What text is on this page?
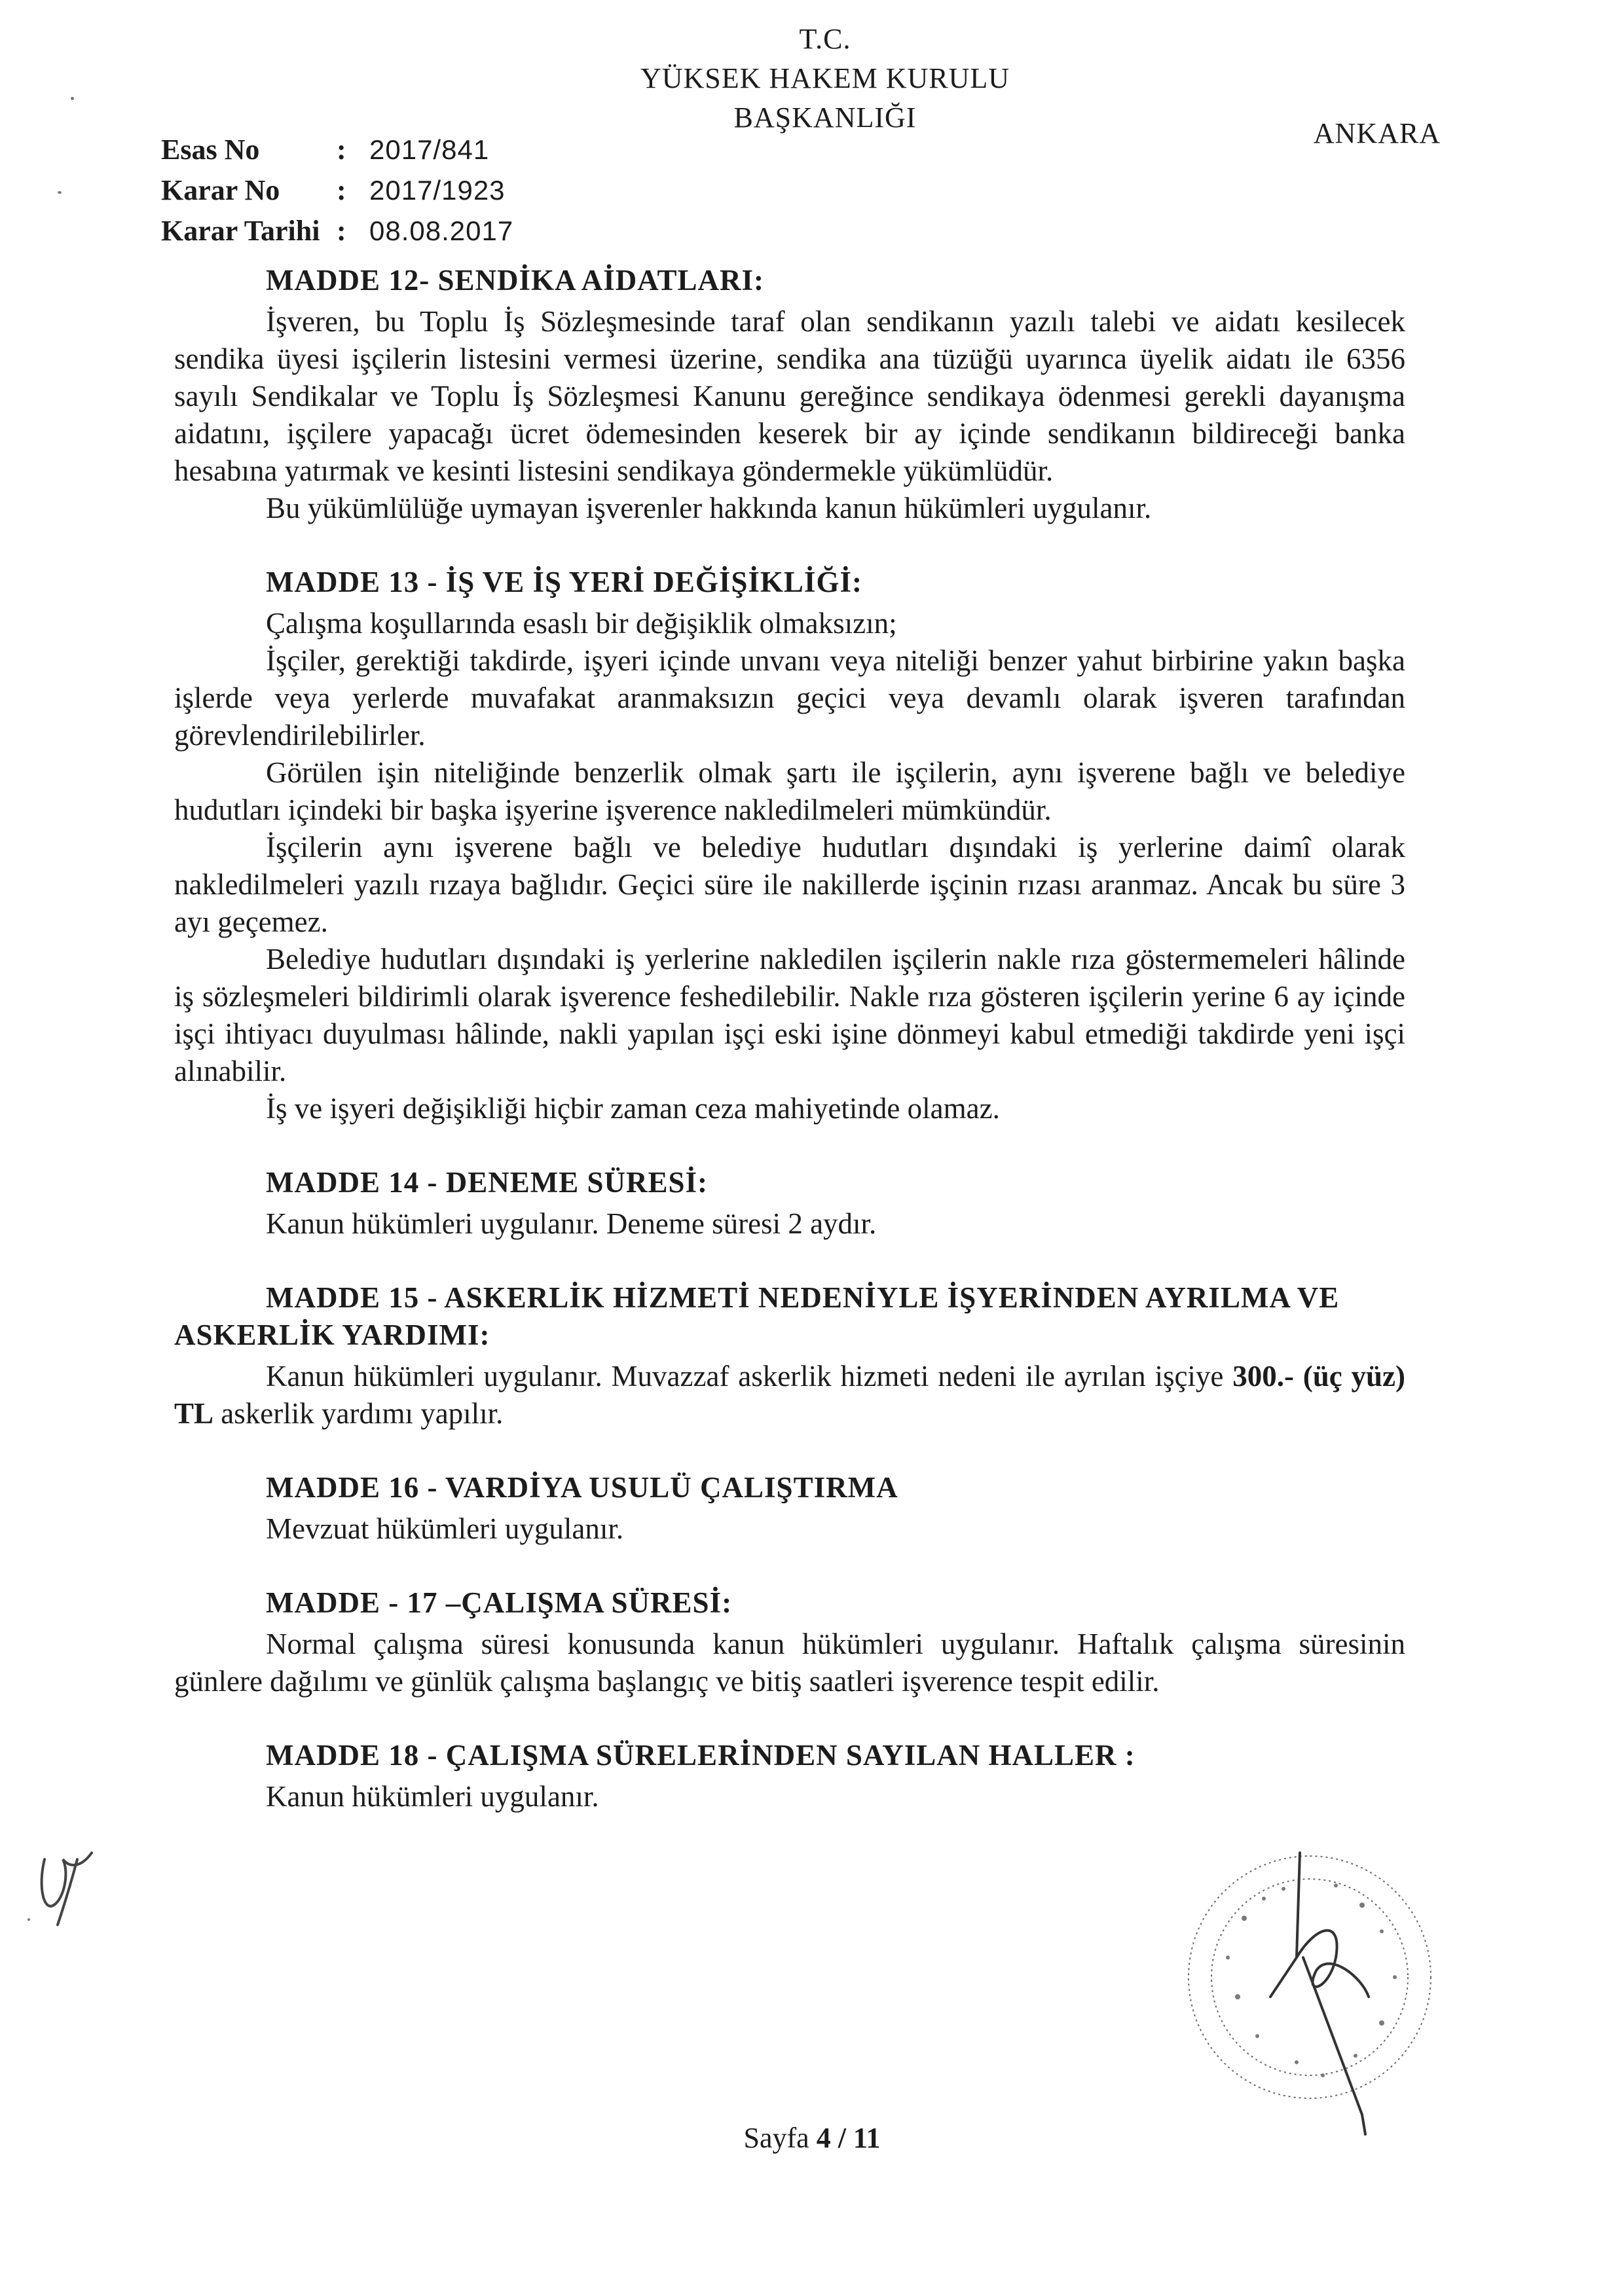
T.C.
YÜKSEK HAKEM KURULU
BAŞKANLIĞI	ANKARA
Esas No	: 2017/841
Karar No	: 2017/1923
Karar Tarihi : 08.08.2017
MADDE 12- SENDİKA AİDATLARI:

İşveren, bu Toplu İş Sözleşmesinde taraf olan sendikanın yazılı talebi ve aidatı kesilecek sendika üyesi işçilerin listesini vermesi üzerine, sendika ana tüzüğü uyarınca üyelik aidatı ile 6356 sayılı Sendikalar ve Toplu İş Sözleşmesi Kanunu gereğince sendikaya ödenmesi gerekli dayanışma aidatını, işçilere yapacağı ücret ödemesinden keserek bir ay içinde sendikanın bildireceği banka hesabına yatırmak ve kesinti listesini sendikaya göndermekle yükümlüdür.

Bu yükümlülüğe uymayan işverenler hakkında kanun hükümleri uygulanır.

MADDE 13 - İŞ VE İŞ YERİ DEĞİŞİKLİĞİ:

Çalışma koşullarında esaslı bir değişiklik olmaksızın;

İşçiler, gerektiği takdirde, işyeri içinde unvanı veya niteliği benzer yahut birbirine yakın başka işlerde veya yerlerde muvafakat aranmaksızın geçici veya devamlı olarak işveren tarafından görevlendirilebilirler.

Görülen işin niteliğinde benzerlik olmak şartı ile işçilerin, aynı işverene bağlı ve belediye hudutları içindeki bir başka işyerine işverence nakledilmeleri mümkündür.

İşçilerin aynı işverene bağlı ve belediye hudutları dışındaki iş yerlerine daimî olarak nakledilmeleri yazılı rızaya bağlıdır. Geçici süre ile nakillerde işçinin rızası aranmaz. Ancak bu süre 3 ayı geçemez.

Belediye hudutları dışındaki iş yerlerine nakledilen işçilerin nakle rıza göstermemeleri hâlinde iş sözleşmeleri bildirimli olarak işverence feshedilebilir. Nakle rıza gösteren işçilerin yerine 6 ay içinde işçi ihtiyacı duyulması hâlinde, nakli yapılan işçi eski işine dönmeyi kabul etmediği takdirde yeni işçi alınabilir.

İş ve işyeri değişikliği hiçbir zaman ceza mahiyetinde olamaz.

MADDE 14 - DENEME SÜRESİ:

Kanun hükümleri uygulanır. Deneme süresi 2 aydır.

MADDE 15 - ASKERLİK HİZMETİ NEDENİYLE İŞYERİNDEN AYRILMA VE ASKERLİK YARDIMI:

Kanun hükümleri uygulanır. Muvazzaf askerlik hizmeti nedeni ile ayrılan işçiye 300.- (üç yüz) TL askerlik yardımı yapılır.

MADDE 16 - VARDİYA USULÜ ÇALIŞTIRMA

Mevzuat hükümleri uygulanır.

MADDE - 17 –ÇALIŞMA SÜRESİ:

Normal çalışma süresi konusunda kanun hükümleri uygulanır. Haftalık çalışma süresinin günlere dağılımı ve günlük çalışma başlangıç ve bitiş saatleri işverence tespit edilir.

MADDE 18 - ÇALIŞMA SÜRELERİNDEN SAYILAN HALLER :

Kanun hükümleri uygulanır.

Sayfa 4 / 11
